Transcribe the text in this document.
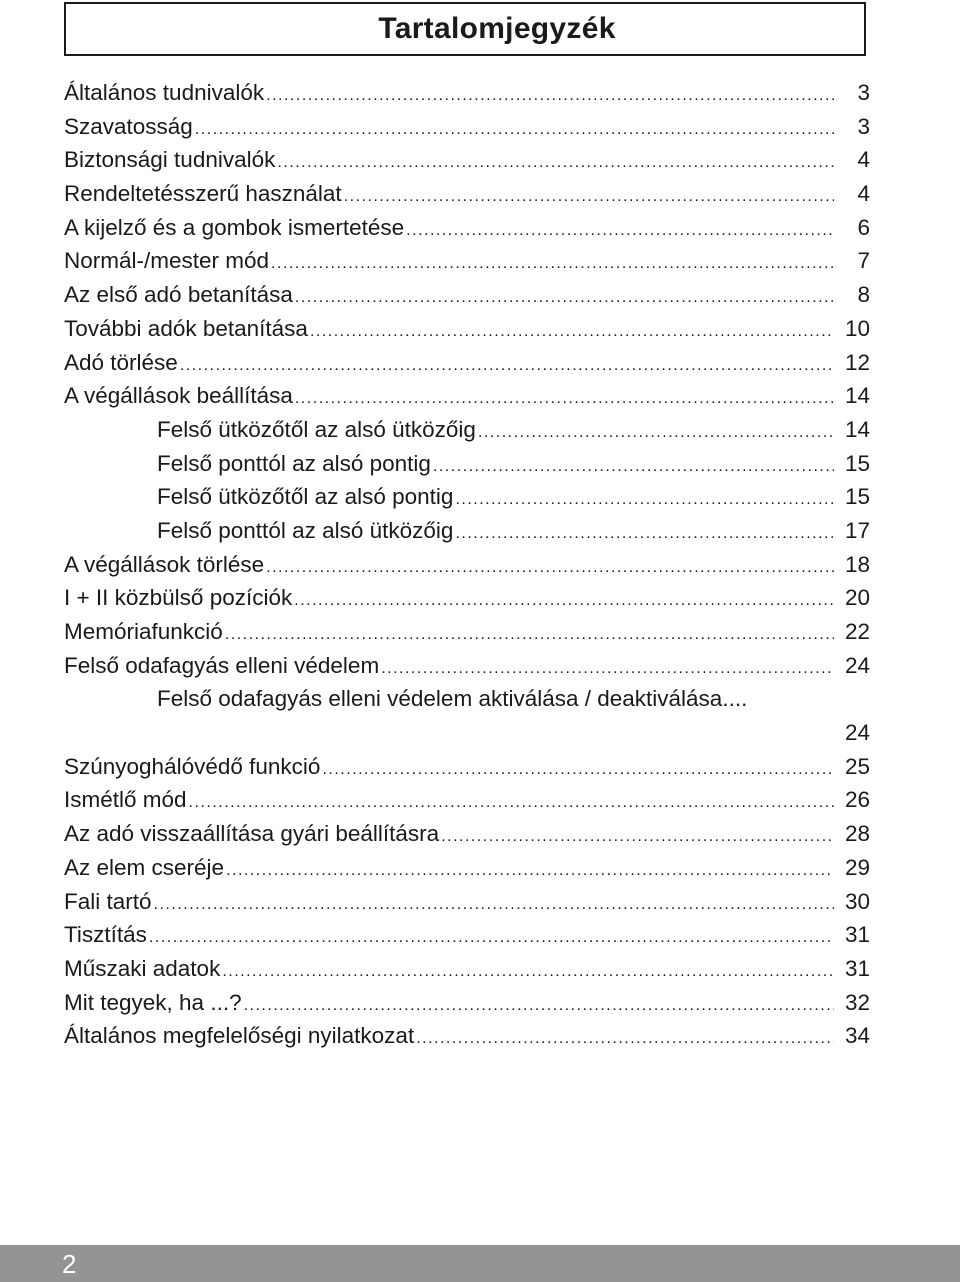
Tartalomjegyzék
Általános tudnivalók .....	3
Szavatosság .....	3
Biztonsági tudnivalók .....	4
Rendeltetésszerű használat .....	4
A kijelző és a gombok ismertetése .....	6
Normál-/mester mód .....	7
Az első adó betanítása .....	8
További adók betanítása .....	10
Adó törlése .....	12
A végállások beállítása .....	14
Felső ütközőtől az alsó ütközőig .....	14
Felső ponttól az alsó pontig .....	15
Felső ütközőtől az alsó pontig .....	15
Felső ponttól az alsó ütközőig .....	17
A végállások törlése .....	18
I + II közbülső pozíciók .....	20
Memóriafunkció .....	22
Felső odafagyás elleni védelem .....	24
Felső odafagyás elleni védelem aktiválása / deaktiválása....
24
Szúnyoghálóvédő funkció .....	25
Ismétlő mód .....	26
Az adó visszaállítása gyári beállításra .....	28
Az elem cseréje .....	29
Fali tartó .....	30
Tisztítás .....	31
Műszaki adatok .....	31
Mit tegyek, ha ...? .....	32
Általános megfelelőségi nyilatkozat .....	34
2
